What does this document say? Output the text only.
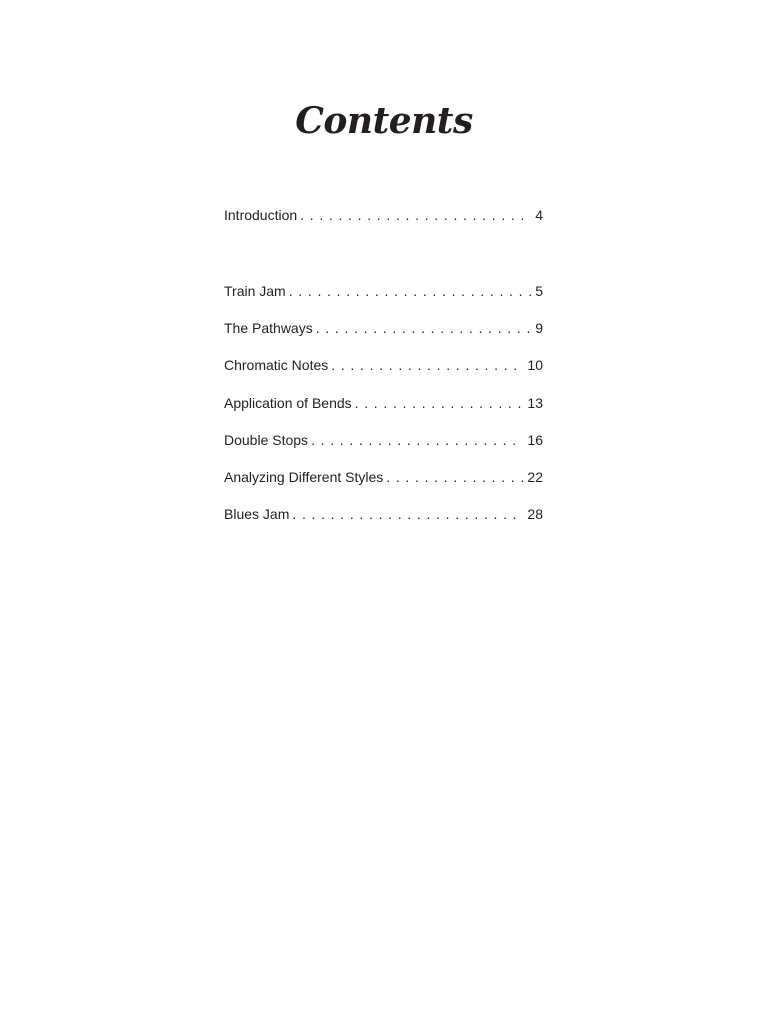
Contents
Introduction . . .	4
Train Jam . . .	5
The Pathways . . .	9
Chromatic Notes . . .	10
Application of Bends . . .	13
Double Stops . . .	16
Analyzing Different Styles . . .	22
Blues Jam . . .	28
